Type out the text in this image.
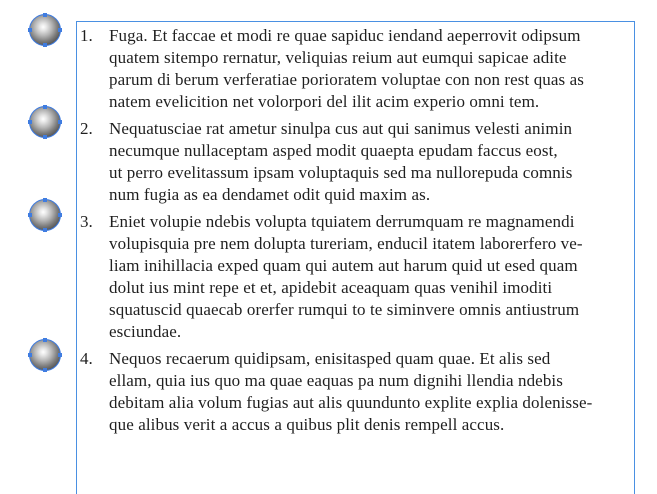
1. Fuga. Et faccae et modi re quae sapiduc iendand aeperrovit odipsum
quatem sitempo rernatur, veliquias reium aut eumqui sapicae adite
parum di berum verferatiae porioratem voluptae con non rest quas as
natem evelicition net volorpori del ilit acim experio omni tem.
2. Nequatusciae rat ametur sinulpa cus aut qui sanimus velesti animin
necumque nullaceptam asped modit quaepta epudam faccus eost,
ut perro evelitassum ipsam voluptaquis sed ma nullorepuda comnis
num fugia as ea dendamet odit quid maxim as.
3. Eniet volupie ndebis volupta tquiatem derrumquam re magnamendi
volupisquia pre nem dolupta tureriam, enducil itatem laborerfero ve-
liam inihillacia exped quam qui autem aut harum quid ut esed quam
dolut ius mint repe et et, apidebit aceaquam quas venihil imoditi
squatuscid quaecab orerfer rumqui to te siminvere omnis antiustrum
esciundae.
4. Nequos recaerum quidipsam, enisitasped quam quae. Et alis sed
ellam, quia ius quo ma quae eaquas pa num dignihi llendia ndebis
debitam alia volum fugias aut alis quundunto explite explia dolenisse-
que alibus verit a accus a quibus plit denis rempell accus.
